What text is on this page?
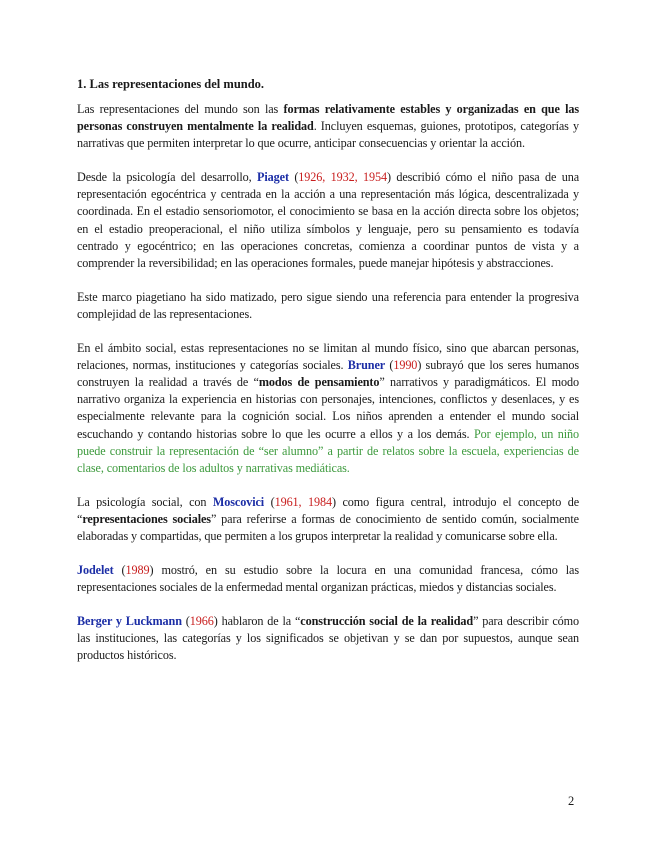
1. Las representaciones del mundo.

Las representaciones del mundo son las formas relativamente estables y organizadas en que las personas construyen mentalmente la realidad. Incluyen esquemas, guiones, prototipos, categorías y narrativas que permiten interpretar lo que ocurre, anticipar consecuencias y orientar la acción.

Desde la psicología del desarrollo, Piaget (1926, 1932, 1954) describió cómo el niño pasa de una representación egocéntrica y centrada en la acción a una representación más lógica, descentralizada y coordinada. En el estadio sensoriomotor, el conocimiento se basa en la acción directa sobre los objetos; en el estadio preoperacional, el niño utiliza símbolos y lenguaje, pero su pensamiento es todavía centrado y egocéntrico; en las operaciones concretas, comienza a coordinar puntos de vista y a comprender la reversibilidad; en las operaciones formales, puede manejar hipótesis y abstracciones.

Este marco piagetiano ha sido matizado, pero sigue siendo una referencia para entender la progresiva complejidad de las representaciones.

En el ámbito social, estas representaciones no se limitan al mundo físico, sino que abarcan personas, relaciones, normas, instituciones y categorías sociales. Bruner (1990) subrayó que los seres humanos construyen la realidad a través de “modos de pensamiento” narrativos y paradigmáticos. El modo narrativo organiza la experiencia en historias con personajes, intenciones, conflictos y desenlaces, y es especialmente relevante para la cognición social. Los niños aprenden a entender el mundo social escuchando y contando historias sobre lo que les ocurre a ellos y a los demás. Por ejemplo, un niño puede construir la representación de “ser alumno” a partir de relatos sobre la escuela, experiencias de clase, comentarios de los adultos y narrativas mediáticas.

La psicología social, con Moscovici (1961, 1984) como figura central, introdujo el concepto de “representaciones sociales” para referirse a formas de conocimiento de sentido común, socialmente elaboradas y compartidas, que permiten a los grupos interpretar la realidad y comunicarse sobre ella.

Jodelet (1989) mostró, en su estudio sobre la locura en una comunidad francesa, cómo las representaciones sociales de la enfermedad mental organizan prácticas, miedos y distancias sociales.

Berger y Luckmann (1966) hablaron de la “construcción social de la realidad” para describir cómo las instituciones, las categorías y los significados se objetivan y se dan por supuestos, aunque sean productos históricos.

2
